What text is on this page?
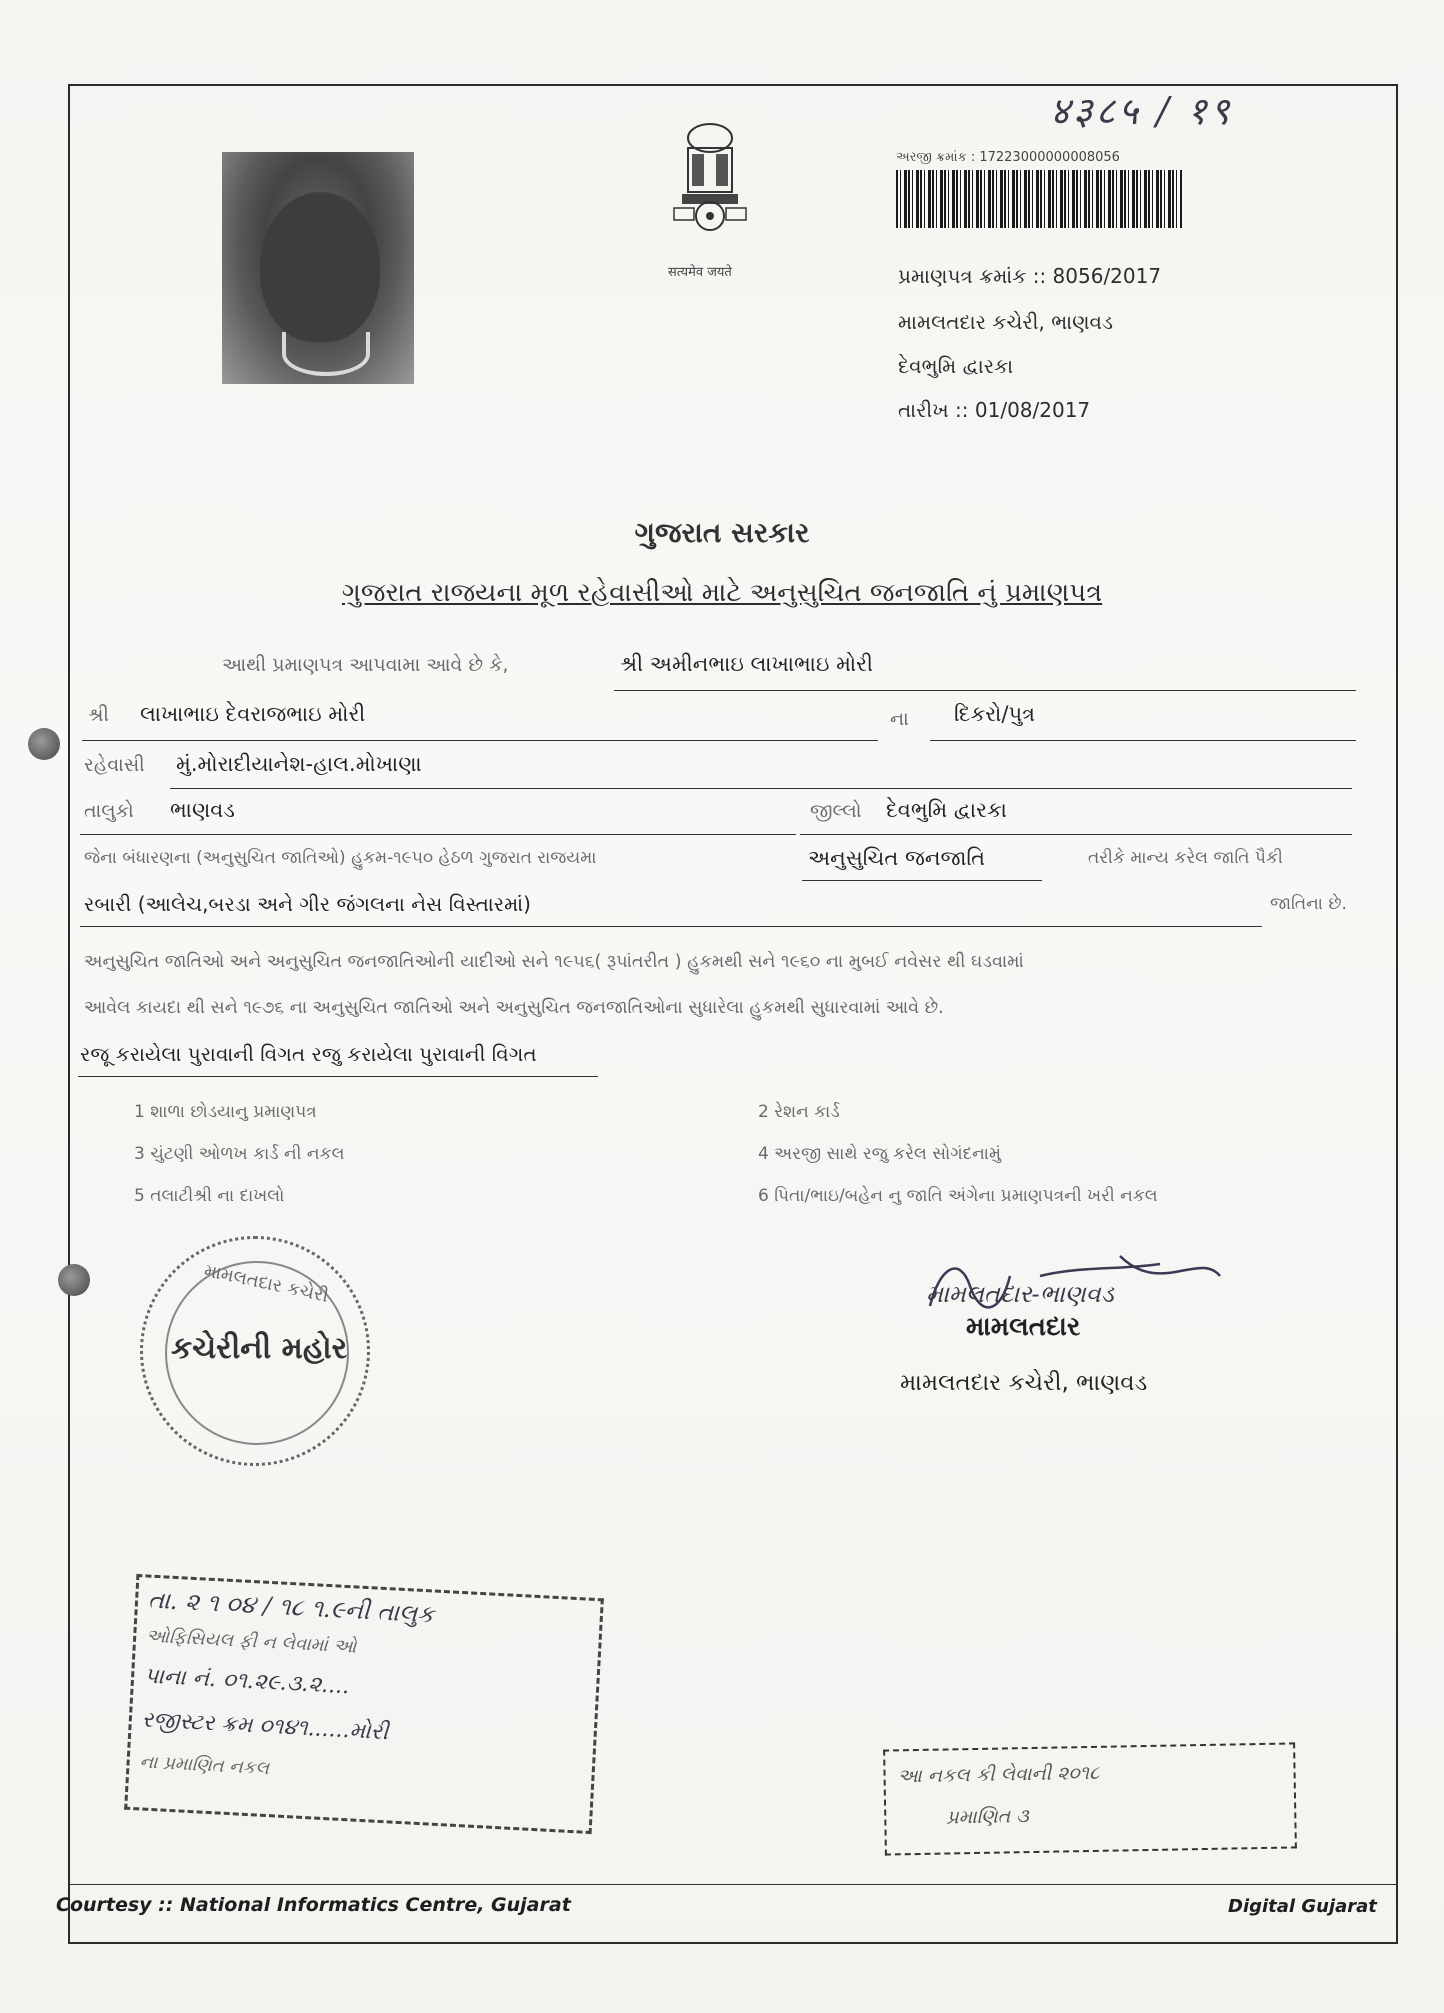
४३८५ / १९
सत्यमेव जयते
અરજી ક્રમાંક : 17223000000008056
પ્રમાણપત્ર ક્રમાંક :: 8056/2017
મામલતદાર કચેરી, ભાણવડ
દેવભુમિ દ્વારકા
તારીખ :: 01/08/2017
ગુજરાત સરકાર
ગુજરાત રાજયના મૂળ રહેવાસીઓ માટે અનુસુચિત જનજાતિ નું પ્રમાણપત્ર
આથી પ્રમાણપત્ર આપવામા આવે છે કે,	શ્રી અમીનભાઇ લાખાભાઇ મોરી
શ્રી લાખાભાઇ દેવરાજભાઇ મોરી	ના દિકરો/પુત્ર
રહેવાસી મું.મોરાદીયાનેશ-હાલ.મોખાણા
તાલુકો ભાણવડ	જીલ્લો દેવભુમિ દ્વારકા
જેના બંધારણના (અનુસુચિત જાતિઓ) હુકમ-૧૯૫૦ હેઠળ ગુજરાત રાજયમા	અનુસુચિત જનજાતિ	તરીકે માન્ય કરેલ જાતિ પૈકી
રબારી (આલેચ,બરડા અને ગીર જંગલના નેસ વિસ્તારમાં)	જાતિના છે.
અનુસુચિત જાતિઓ અને અનુસુચિત જનજાતિઓની યાદીઓ સને ૧૯૫૬( રૂપાંતરીત ) હુકમથી સને ૧૯૬૦ ના મુબઈ નવેસર થી ઘડવામાં
આવેલ કાયદા થી સને ૧૯૭૬ ના અનુસુચિત જાતિઓ અને અનુસુચિત જનજાતિઓના સુધારેલા હુકમથી સુધારવામાં આવે છે.
રજૂ કરાયેલા પુરાવાની વિગત રજુ કરાયેલા પુરાવાની વિગત
1 શાળા છોડયાનુ પ્રમાણપત્ર	2 રેશન કાર્ડ
3 ચુંટણી ઓળખ કાર્ડ ની નકલ	4 અરજી સાથે રજુ કરેલ સોગંદનામું
5 તલાટીશ્રી ના દાખલો	6 પિતા/ભાઇ/બહેન નુ જાતિ અંગેના પ્રમાણપત્રની ખરી નકલ
મામલતદાર કચેરી
કચેરીની મહોર
મામલતદાર-ભાણવડ
મામલતદાર
મામલતદાર કચેરી, ભાણવડ
તા. ૨ ૧ ૦૪ / ૧૮ ૧.૯ની તાલુક
ઓફિસિયલ ફી ન લેવામાં ઓ
પાના નં. ૦૧.૨૯.૩.૨....
રજીસ્ટર ક્રમ ૦૧૪૧......મોરી
ના પ્રમાણિત નકલ	આ નકલ કી લેવાની ૨૦૧૮
પ્રમાણિત ૩
Courtesy :: National Informatics Centre, Gujarat	Digital Gujarat
